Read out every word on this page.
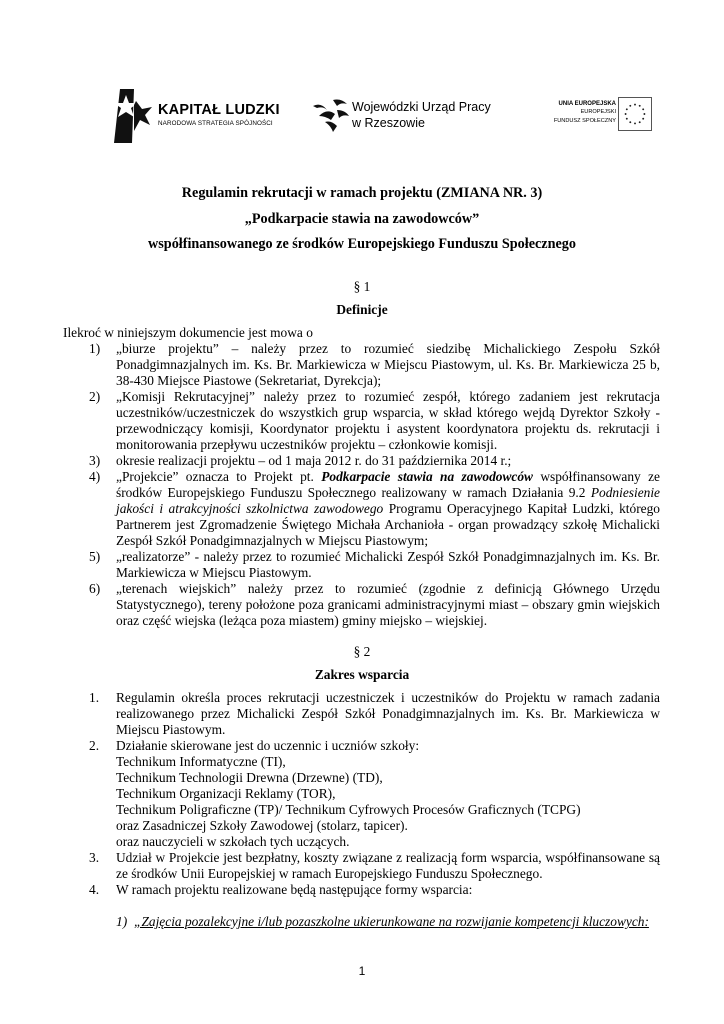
KAPITAŁ LUDZKI
NARODOWA STRATEGIA SPÓJNOŚCI
Wojewódzki Urząd Pracy
w Rzeszowie
UNIA EUROPEJSKA
EUROPEJSKI
FUNDUSZ SPOŁECZNY
Regulamin rekrutacji w ramach projektu (ZMIANA NR. 3)
„Podkarpacie stawia na zawodowców”
współfinansowanego ze środków Europejskiego Funduszu Społecznego
§ 1
Definicje
Ilekroć w niniejszym dokumencie jest mowa o
1) „biurze projektu” – należy przez to rozumieć siedzibę Michalickiego Zespołu Szkół
Ponadgimnazjalnych im. Ks. Br. Markiewicza w Miejscu Piastowym, ul. Ks. Br. Markiewicza 25 b,
38-430 Miejsce Piastowe (Sekretariat, Dyrekcja);
2) „Komisji Rekrutacyjnej” należy przez to rozumieć zespół, którego zadaniem jest rekrutacja
uczestników/uczestniczek do wszystkich grup wsparcia, w skład którego wejdą Dyrektor Szkoły -
przewodniczący komisji, Koordynator projektu i asystent koordynatora projektu ds. rekrutacji i
monitorowania przepływu uczestników projektu – członkowie komisji.
3) okresie realizacji projektu – od 1 maja 2012 r. do 31 października 2014 r.;
4) „Projekcie” oznacza to Projekt pt. Podkarpacie stawia na zawodowców współfinansowany ze
środków Europejskiego Funduszu Społecznego realizowany w ramach Działania 9.2 Podniesienie
jakości i atrakcyjności szkolnictwa zawodowego Programu Operacyjnego Kapitał Ludzki, którego
Partnerem jest Zgromadzenie Świętego Michała Archanioła - organ prowadzący szkołę Michalicki
Zespół Szkół Ponadgimnazjalnych w Miejscu Piastowym;
5) „realizatorze” - należy przez to rozumieć Michalicki Zespół Szkół Ponadgimnazjalnych im. Ks. Br.
Markiewicza w Miejscu Piastowym.
6) „terenach wiejskich” należy przez to rozumieć (zgodnie z definicją Głównego Urzędu
Statystycznego), tereny położone poza granicami administracyjnymi miast – obszary gmin wiejskich
oraz część wiejska (leżąca poza miastem) gminy miejsko – wiejskiej.
§ 2
Zakres wsparcia
1. Regulamin określa proces rekrutacji uczestniczek i uczestników do Projektu w ramach zadania
realizowanego przez Michalicki Zespół Szkół Ponadgimnazjalnych im. Ks. Br. Markiewicza w
Miejscu Piastowym.
2. Działanie skierowane jest do uczennic i uczniów szkoły:
Technikum Informatyczne (TI),
Technikum Technologii Drewna (Drzewne) (TD),
Technikum Organizacji Reklamy (TOR),
Technikum Poligraficzne (TP)/ Technikum Cyfrowych Procesów Graficznych (TCPG)
oraz Zasadniczej Szkoły Zawodowej (stolarz, tapicer).
oraz nauczycieli w szkołach tych uczących.
3. Udział w Projekcie jest bezpłatny, koszty związane z realizacją form wsparcia, współfinansowane są
ze środków Unii Europejskiej w ramach Europejskiego Funduszu Społecznego.
4. W ramach projektu realizowane będą następujące formy wsparcia:
1) „Zajęcia pozalekcyjne i/lub pozaszkolne ukierunkowane na rozwijanie kompetencji kluczowych:
1
